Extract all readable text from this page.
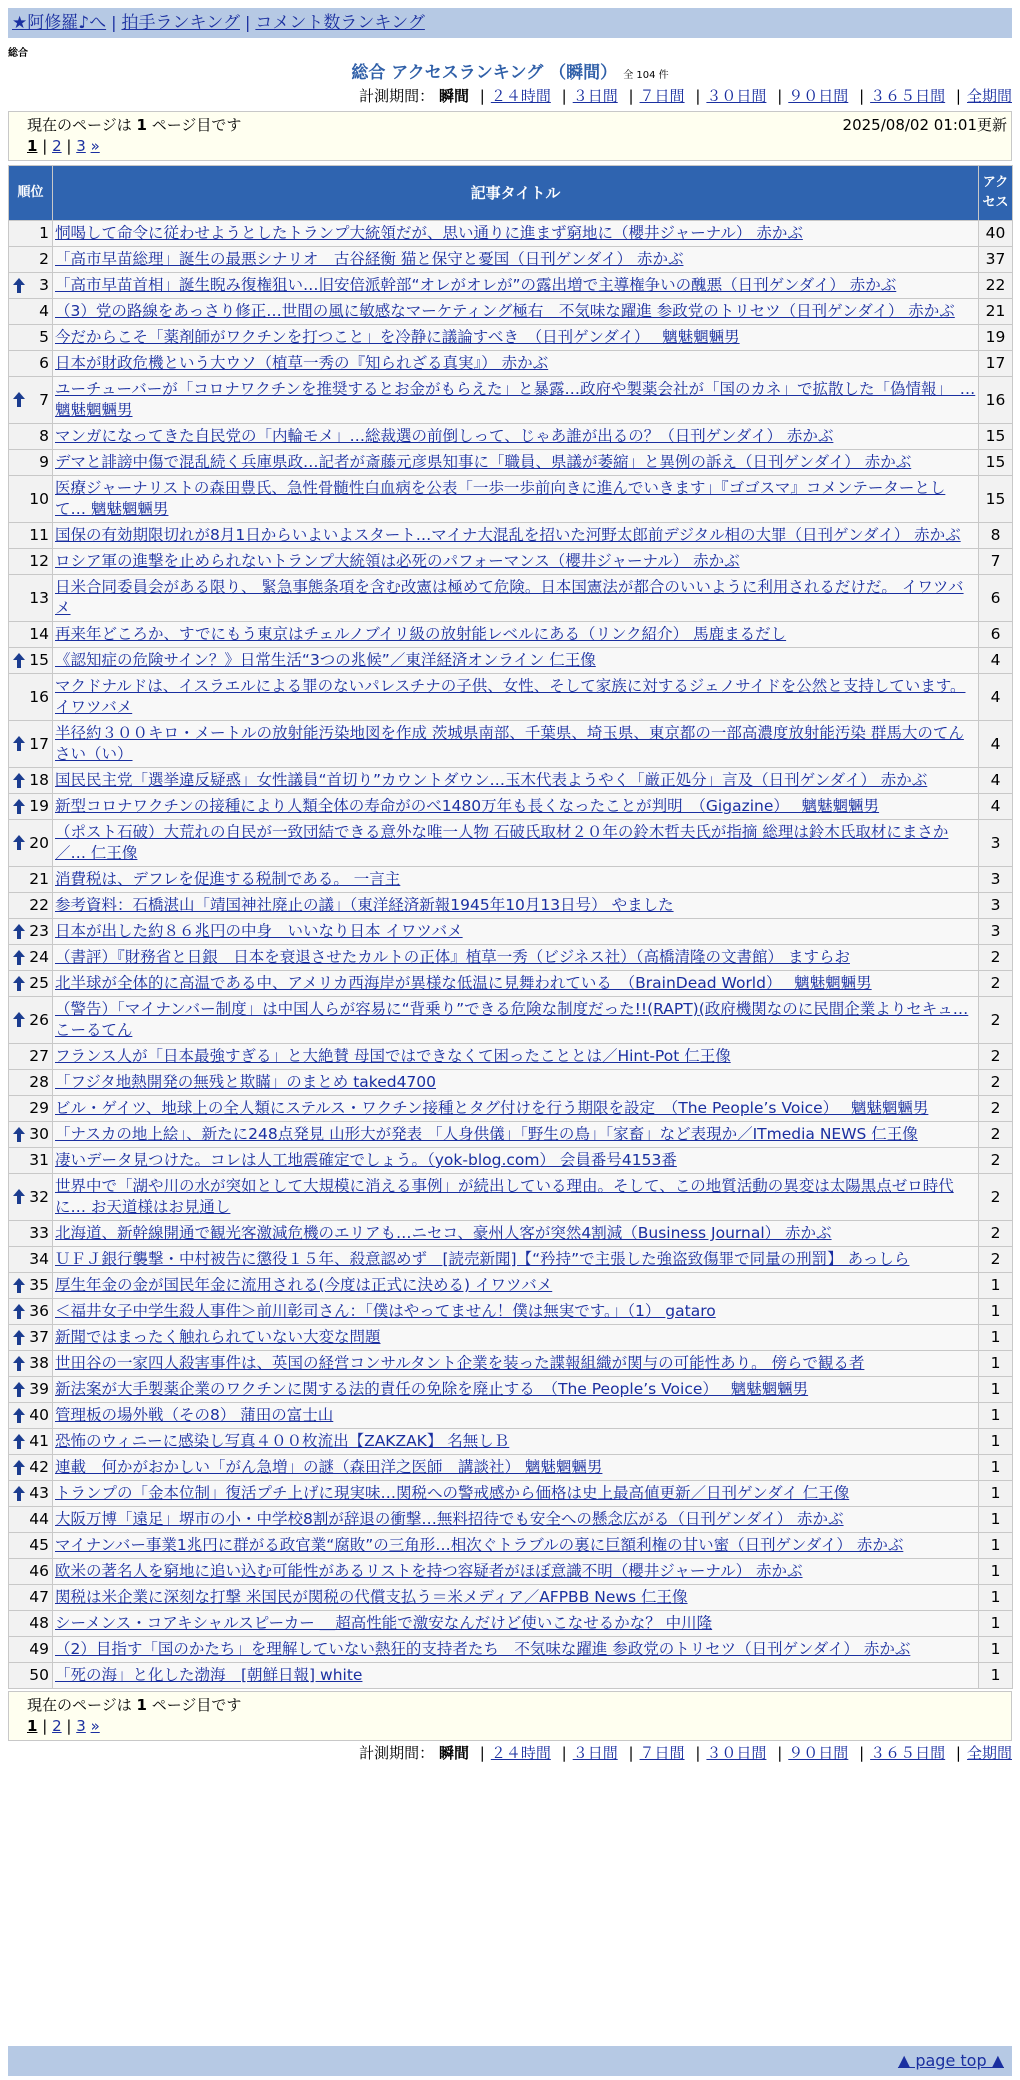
★阿修羅♪へ | 拍手ランキング | コメント数ランキング
総合
総合 アクセスランキング （瞬間） 全 104 件
計測期間： 瞬間 | ２４時間 | ３日間 | ７日間 | ３０日間 | ９０日間 | ３６５日間 | 全期間
現在のページは 1 ページ目です	2025/08/02 01:01更新
1 | 2 | 3 »
順位	記事タイトル	アクセス
1	恫喝して命令に従わせようとしたトランプ大統領だが、思い通りに進まず窮地に（櫻井ジャーナル） 赤かぶ	40
2	「高市早苗総理」誕生の最悪シナリオ　古谷経衡 猫と保守と憂国（日刊ゲンダイ） 赤かぶ	37

3	「高市早苗首相」誕生睨み復権狙い…旧安倍派幹部“オレがオレが”の露出増で主導権争いの醜悪（日刊ゲンダイ） 赤かぶ	22
4	（3）党の路線をあっさり修正…世間の風に敏感なマーケティング極右　不気味な躍進 参政党のトリセツ（日刊ゲンダイ） 赤かぶ	21
5	今だからこそ「薬剤師がワクチンを打つこと」を冷静に議論すべき　（日刊ゲンダイ）　 魑魅魍魎男	19
6	日本が財政危機という大ウソ（植草一秀の『知られざる真実』） 赤かぶ	17

7	ユーチューバーが「コロナワクチンを推奨するとお金がもらえた」と暴露…政府や製薬会社が「国のカネ」で拡散した「偽情報」　… 魑魅魍魎男	16
8	マンガになってきた自民党の「内輪モメ」…総裁選の前倒しって、じゃあ誰が出るの？（日刊ゲンダイ） 赤かぶ	15
9	デマと誹謗中傷で混乱続く兵庫県政…記者が斎藤元彦県知事に「職員、県議が萎縮」と異例の訴え（日刊ゲンダイ） 赤かぶ	15
10	医療ジャーナリストの森田豊氏、急性骨髄性白血病を公表「一歩一歩前向きに進んでいきます」『ゴゴスマ』コメンテーターとして… 魑魅魍魎男	15
11	国保の有効期限切れが8月1日からいよいよスタート…マイナ大混乱を招いた河野太郎前デジタル相の大罪（日刊ゲンダイ） 赤かぶ	8
12	ロシア軍の進撃を止められないトランプ大統領は必死のパフォーマンス（櫻井ジャーナル） 赤かぶ	7
13	日米合同委員会がある限り、 緊急事態条項を含む改憲は極めて危険。日本国憲法が都合のいいように利用されるだけだ。 イワツバメ	6
14	再来年どころか、すでにもう東京はチェルノブイリ級の放射能レベルにある（リンク紹介） 馬鹿まるだし	6

15	《認知症の危険サイン？》日常生活“3つの兆候”／東洋経済オンライン 仁王像	4
16	マクドナルドは、イスラエルによる罪のないパレスチナの子供、女性、そして家族に対するジェノサイドを公然と支持しています。 イワツバメ	4

17	半径約３００キロ・メートルの放射能汚染地図を作成 茨城県南部、千葉県、埼玉県、東京都の一部高濃度放射能汚染 群馬大のてんさい（い）	4

18	国民民主党「選挙違反疑惑」女性議員“首切り”カウントダウン…玉木代表ようやく「厳正処分」言及（日刊ゲンダイ） 赤かぶ	4

19	新型コロナワクチンの接種により人類全体の寿命がのべ1480万年も長くなったことが判明　（Gigazine）　 魑魅魍魎男	4

20	（ポスト石破）大荒れの自民が一致団結できる意外な唯一人物 石破氏取材２０年の鈴木哲夫氏が指摘 総理は鈴木氏取材にまさか／… 仁王像	3
21	消費税は、デフレを促進する税制である。 一言主	3
22	参考資料：石橋湛山「靖国神社廃止の議」（東洋経済新報1945年10月13日号） やました	3

23	日本が出した約８６兆円の中身　いいなり日本 イワツバメ	3

24	（書評）『財務省と日銀　日本を衰退させたカルトの正体』植草一秀（ビジネス社）（高橋清隆の文書館） ますらお	2

25	北半球が全体的に高温である中、アメリカ西海岸が異様な低温に見舞われている　（BrainDead World）　 魑魅魍魎男	2

26	（警告）「マイナンバー制度」は中国人らが容易に“背乗り”できる危険な制度だった!!(RAPT)(政府機関なのに民間企業よりセキュ… こーるてん	2
27	フランス人が「日本最強すぎる」と大絶賛 母国ではできなくて困ったこととは／Hint-Pot 仁王像	2
28	「フジタ地熱開発の無残と欺瞞」のまとめ taked4700	2
29	ビル・ゲイツ、地球上の全人類にステルス・ワクチン接種とタグ付けを行う期限を設定　（The People’s Voice）　 魑魅魍魎男	2

30	「ナスカの地上絵」、新たに248点発見 山形大が発表 「人身供儀」「野生の鳥」「家畜」など表現か／ITmedia NEWS 仁王像	2
31	凄いデータ見つけた。コレは人工地震確定でしょう。（yok-blog.com） 会員番号4153番	2

32	世界中で「湖や川の水が突如として大規模に消える事例」が続出している理由。そして、この地質活動の異変は太陽黒点ゼロ時代に… お天道様はお見通し	2
33	北海道、新幹線開通で観光客激減危機のエリアも…ニセコ、豪州人客が突然4割減（Business Journal） 赤かぶ	2
34	ＵＦＪ銀行襲撃・中村被告に懲役１５年、殺意認めず　[読売新聞]【“矜持”で主張した強盗致傷罪で同量の刑罰】 あっしら	2

35	厚生年金の金が国民年金に流用される(今度は正式に決める) イワツバメ	1

36	＜福井女子中学生殺人事件＞前川彰司さん：「僕はやってません！僕は無実です。」（1） gataro	1

37	新聞ではまったく触れられていない大変な問題	1

38	世田谷の一家四人殺害事件は、英国の経営コンサルタント企業を装った諜報組織が関与の可能性あり。 傍らで観る者	1

39	新法案が大手製薬企業のワクチンに関する法的責任の免除を廃止する　（The People’s Voice）　 魑魅魍魎男	1

40	管理板の場外戦（その8） 蒲田の富士山	1

41	恐怖のウィニーに感染し写真４００枚流出【ZAKZAK】 名無しＢ	1

42	連載　何かがおかしい「がん急増」の謎（森田洋之医師　講談社） 魑魅魍魎男	1

43	トランプの「金本位制」復活プチ上げに現実味…関税への警戒感から価格は史上最高値更新／日刊ゲンダイ 仁王像	1
44	大阪万博「遠足」堺市の小・中学校8割が辞退の衝撃…無料招待でも安全への懸念広がる（日刊ゲンダイ） 赤かぶ	1
45	マイナンバー事業1兆円に群がる政官業“腐敗”の三角形…相次ぐトラブルの裏に巨額利権の甘い蜜（日刊ゲンダイ） 赤かぶ	1
46	欧米の著名人を窮地に追い込む可能性があるリストを持つ容疑者がほぼ意識不明（櫻井ジャーナル） 赤かぶ	1
47	関税は米企業に深刻な打撃 米国民が関税の代償支払う＝米メディア／AFPBB News 仁王像	1
48	シーメンス・コアキシャルスピーカー ＿超高性能で激安なんだけど使いこなせるかな？ 中川隆	1
49	（2）目指す「国のかたち」を理解していない熱狂的支持者たち　不気味な躍進 参政党のトリセツ（日刊ゲンダイ） 赤かぶ	1
50	「死の海」と化した渤海　[朝鮮日報] white	1
計測期間： 瞬間 | ２４時間 | ３日間 | ７日間 | ３０日間 | ９０日間 | ３６５日間 | 全期間
現在のページは 1 ページ目です
1 | 2 | 3 »
▲ page top ▲
